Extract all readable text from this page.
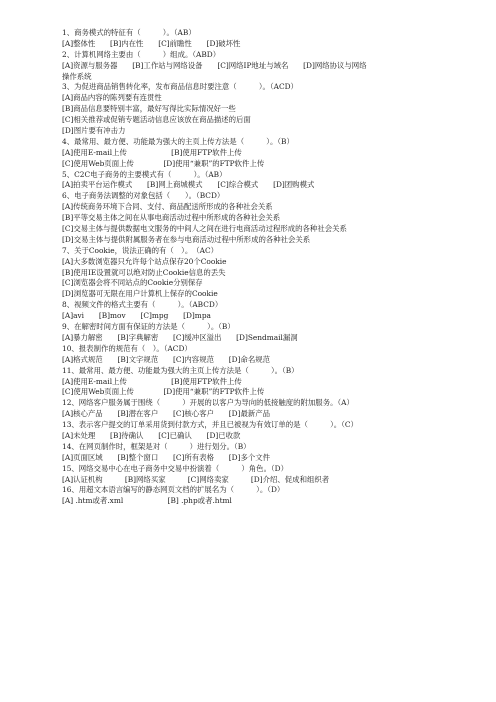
1、商务模式的特征有（　　　）。（AB）
[A]整体性　　[B]内在性　　[C]前瞻性　　[D]破坏性
2、计算机网络主要由（　　　）组成。（ABD）
[A]资源与服务器　　[B]工作站与网络设备　　[C]网络IP地址与域名　　[D]网络协议与网络
操作系统
3、为促进商品销售转化率，发布商品信息时要注意（　　　）。（ACD）
[A]商品内容的陈列要有连贯性
[B]商品信息要特别丰富，最好写得比实际情况好一些
[C]相关推荐或促销专题活动信息应该放在商品描述的后面
[D]图片要有冲击力
4、最常用、最方便、功能最为强大的主页上传方法是（　　　）。（B）
[A]使用E-mail上传　　　　　　[B]使用FTP软件上传
[C]使用Web页面上传　　　　[D]使用“兼职”的FTP软件上传
5、C2C电子商务的主要模式有（　　　）。（AB）
[A]拍卖平台运作模式　　[B]网上商城模式　　[C]综合模式　　[D]团购模式
6、电子商务法调整的对象包括（　　）。（BCD）
[A]传统商务环境下合同、支付、商品配送所形成的各种社会关系
[B]平等交易主体之间在从事电商活动过程中所形成的各种社会关系
[C]交易主体与提供数据电文服务的中间人之间在进行电商活动过程形成的各种社会关系
[D]交易主体与提供附属服务者在参与电商活动过程中所形成的各种社会关系
7、关于Cookie，说法正确的有（　）。　（AC）
[A]大多数浏览器只允许每个站点保存20个Cookie
[B]使用IE设置就可以绝对防止Cookie信息的丢失
[C]浏览器会将不同站点的Cookie分别保存
[D]浏览器可无限在用户计算机上保存的Cookie
8、视频文件的格式主要有（　　　）。（ABCD）
[A]avi　　[B]mov　　[C]mpg　　[D]mpa
9、在解密时间方面有保证的方法是（　　　）。（B）
[A]暴力解密　　[B]字典解密　　[C]缓冲区溢出　　[D]Sendmail漏洞
10、报表制作的规范有（　）。（ACD）
[A]格式规范　　[B]文字规范　　[C]内容规范　　[D]命名规范
11、最常用、最方便、功能最为强大的主页上传方法是（　　　）。（B）
[A]使用E-mail上传　　　　　　[B]使用FTP软件上传
[C]使用Web页面上传　　　　[D]使用“兼职”的FTP软件上传
12、网络客户服务属于围绕（　　　）开展的以客户为导向的低接触度的附加服务。（A）
[A]核心产品　　[B]潜在客户　　[C]核心客户　　[D]最新产品
13、表示客户提交的订单采用货到付款方式，并且已被视为有效订单的是（　　　）。（C）
[A]未处理　　[B]待确认　　[C]已确认　　[D]已收款
14、在网页制作时，框架是对（　　　）进行划分。（B）
[A]页面区域　　[B]整个窗口　　[C]所有表格　　[D]多个文件
15、网络交易中心在电子商务中交易中扮演着（　　　）角色。（D）
[A]认证机构　　　[B]网络买家　　　[C]网络卖家　　　[D]介绍、促成和组织者
16、用超文本语言编写的静态网页文档的扩展名为（　　　）。（D）
[A] .htm或者.xml　　　　　　[B] .php或者.html
